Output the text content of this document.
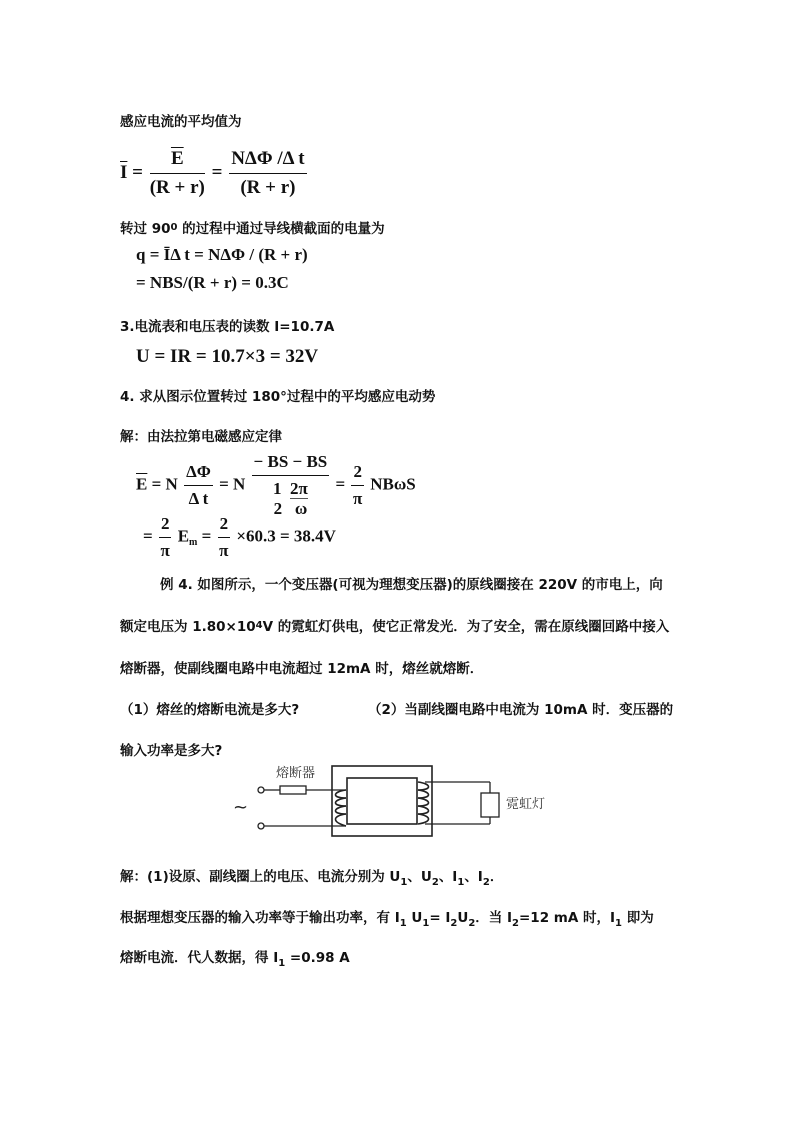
感应电流的平均值为
$\overline{I} = \frac{\overline{E}}{(R + r)} = \frac{\text{NΔΦ /Δ t}}{(R + r)}$
转过 $90^0$ 的过程中通过导线横截面的电量为
q = ĪΔ t = NΔΦ / (R + r)
= NBS/(R + r) = 0.3C
3.电流表和电压表的读数 I=10.7A
U = IR = 10.7×3 = 32V
4. 求从图示位置转过 180°过程中的平均感应电动势
解：由法拉第电磁感应定律
$\overline{E} = N \frac{\Delta\Phi}{\text{Δ t}} = N$
− BS − BS
1 2π
2 ω
= $\frac{2}{\pi}$ NBωS
= $\frac{2}{\pi} E_m = \frac{2}{\pi} \times 60.3 = 38.4V$
例 4. 如图所示，一个变压器(可视为理想变压器)的原线圈接在 220V 的市电上，向
额定电压为 $1.80\times 10^4V$ 的霓虹灯供电，使它正常发光．为了安全，需在原线圈回路中接入
熔断器，使副线圈电路中电流超过 12mA 时，熔丝就熔断．
（1）熔丝的熔断电流是多大?	（2）当副线圈电路中电流为 10mA 时．变压器的
输入功率是多大?
熔断器
~	霓虹灯
解：(1)设原、副线圈上的电压、电流分别为 $U_1$、$U_2$、$I_1$、$I_2$．
根据理想变压器的输入功率等于输出功率，有 $I_1$ $U_1= I_2U_2$．当 $I_2=12$ mA 时，$I_1$ 即为
熔断电流．代人数据，得 $I_1 =0.98$ A
